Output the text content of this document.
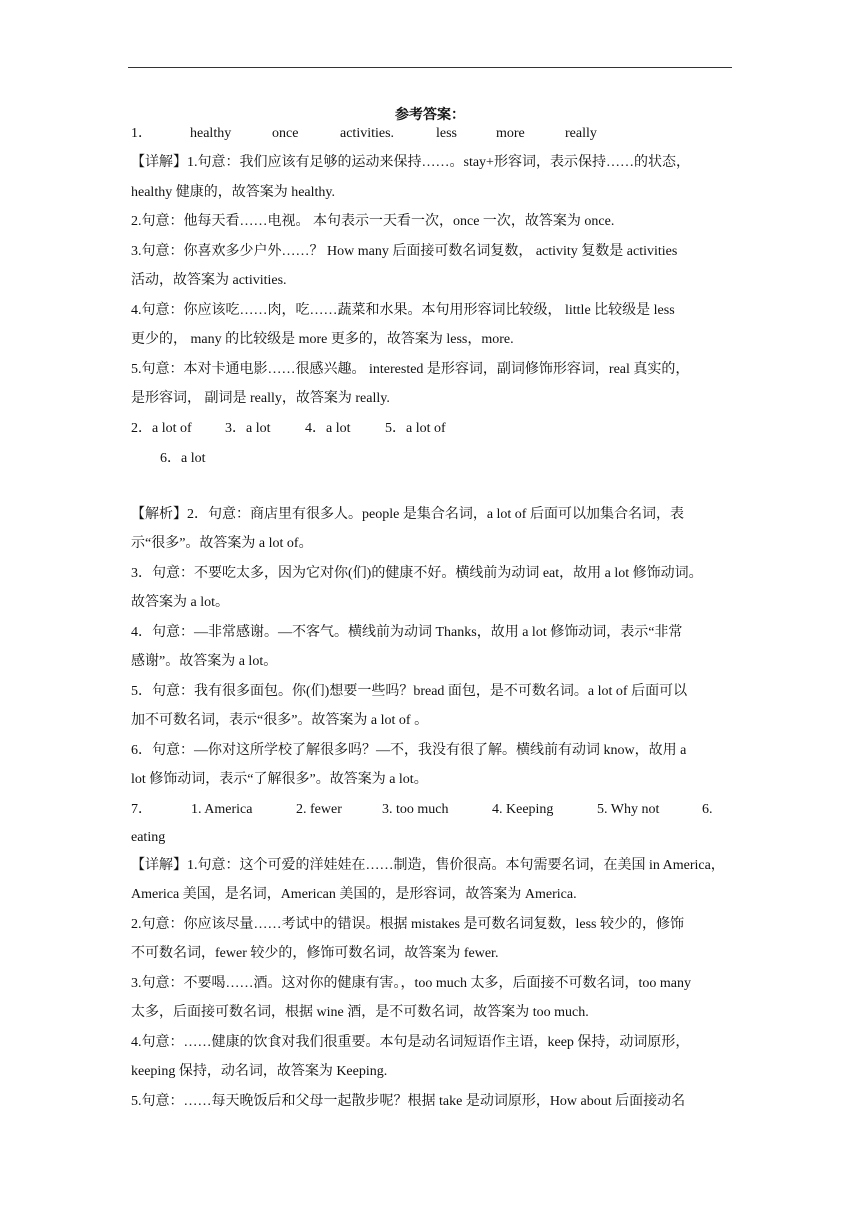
参考答案：
1．	healthy	once	activities.	less	more	really
【详解】1.句意：我们应该有足够的运动来保持……。stay+形容词，表示保持……的状态，
healthy 健康的，故答案为 healthy.
2.句意：他每天看……电视。 本句表示一天看一次，once 一次，故答案为 once.
3.句意：你喜欢多少户外……？ How many 后面接可数名词复数， activity 复数是 activities
活动，故答案为 activities.
4.句意：你应该吃……肉，吃……蔬菜和水果。本句用形容词比较级， little 比较级是 less
更少的， many 的比较级是 more 更多的，故答案为 less，more.
5.句意：本对卡通电影……很感兴趣。 interested 是形容词，副词修饰形容词，real 真实的，
是形容词， 副词是 really，故答案为 really.
2．a lot of 3．a lot 4．a lot 5．a lot of
6．a lot
【解析】2．句意：商店里有很多人。people 是集合名词，a lot of 后面可以加集合名词，表
示“很多”。故答案为 a lot of。
3．句意：不要吃太多，因为它对你(们)的健康不好。横线前为动词 eat，故用 a lot 修饰动词。
故答案为 a lot。
4．句意：—非常感谢。—不客气。横线前为动词 Thanks，故用 a lot 修饰动词，表示“非常
感谢”。故答案为 a lot。
5．句意：我有很多面包。你(们)想要一些吗？bread 面包，是不可数名词。a lot of 后面可以
加不可数名词，表示“很多”。故答案为 a lot of 。
6．句意：—你对这所学校了解很多吗？—不，我没有很了解。横线前有动词 know，故用 a
lot 修饰动词，表示“了解很多”。故答案为 a lot。
7．	1. America	2. fewer	3. too much	4. Keeping	5. Why not	6.
eating
【详解】1.句意：这个可爱的洋娃娃在……制造，售价很高。本句需要名词，在美国 in America，
America 美国，是名词，American 美国的，是形容词，故答案为 America.
2.句意：你应该尽量……考试中的错误。根据 mistakes 是可数名词复数，less 较少的，修饰
不可数名词，fewer 较少的，修饰可数名词，故答案为 fewer.
3.句意：不要喝……酒。这对你的健康有害。，too much 太多，后面接不可数名词，too many
太多，后面接可数名词，根据 wine 酒，是不可数名词，故答案为 too much.
4.句意：……健康的饮食对我们很重要。本句是动名词短语作主语，keep 保持，动词原形，
keeping 保持，动名词，故答案为 Keeping.
5.句意：……每天晚饭后和父母一起散步呢？根据 take 是动词原形，How about 后面接动名
